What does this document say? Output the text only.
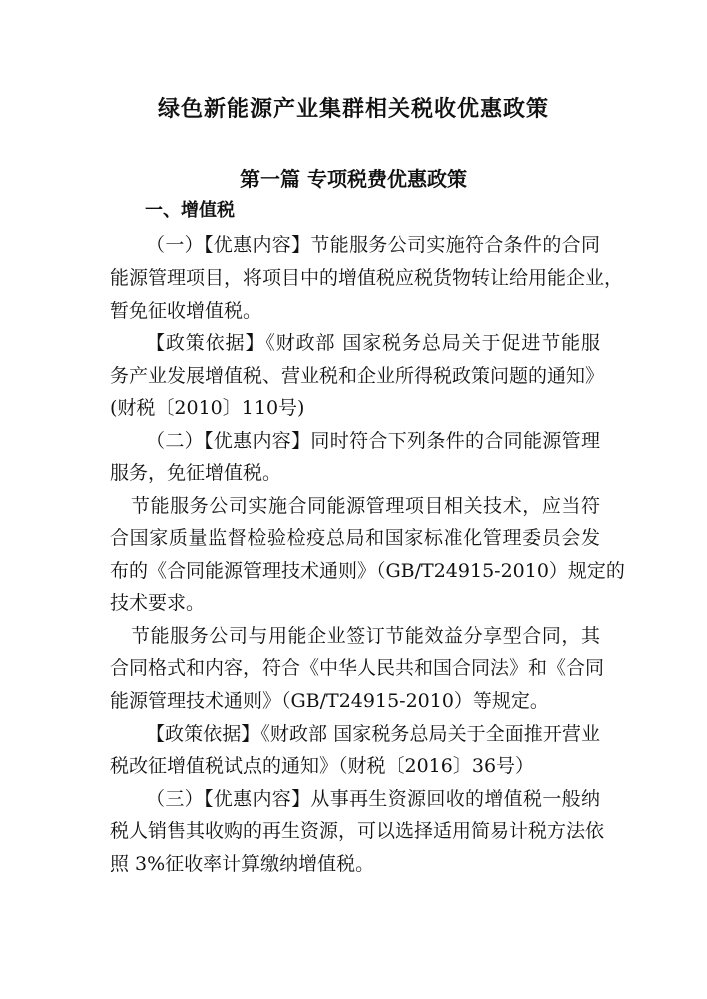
绿色新能源产业集群相关税收优惠政策
第一篇 专项税费优惠政策
一、增值税
（一）【优惠内容】节能服务公司实施符合条件的合同
能源管理项目，将项目中的增值税应税货物转让给用能企业，
暂免征收增值税。
【政策依据】《财政部 国家税务总局关于促进节能服
务产业发展增值税、营业税和企业所得税政策问题的通知》
(财税〔2010〕110号)
（二）【优惠内容】同时符合下列条件的合同能源管理
服务，免征增值税。
节能服务公司实施合同能源管理项目相关技术，应当符
合国家质量监督检验检疫总局和国家标准化管理委员会发
布的《合同能源管理技术通则》（GB/T24915-2010）规定的
技术要求。
节能服务公司与用能企业签订节能效益分享型合同，其
合同格式和内容，符合《中华人民共和国合同法》和《合同
能源管理技术通则》（GB/T24915-2010）等规定。
【政策依据】《财政部 国家税务总局关于全面推开营业
税改征增值税试点的通知》（财税〔2016〕36号）
（三）【优惠内容】从事再生资源回收的增值税一般纳
税人销售其收购的再生资源，可以选择适用简易计税方法依
照 3%征收率计算缴纳增值税。
